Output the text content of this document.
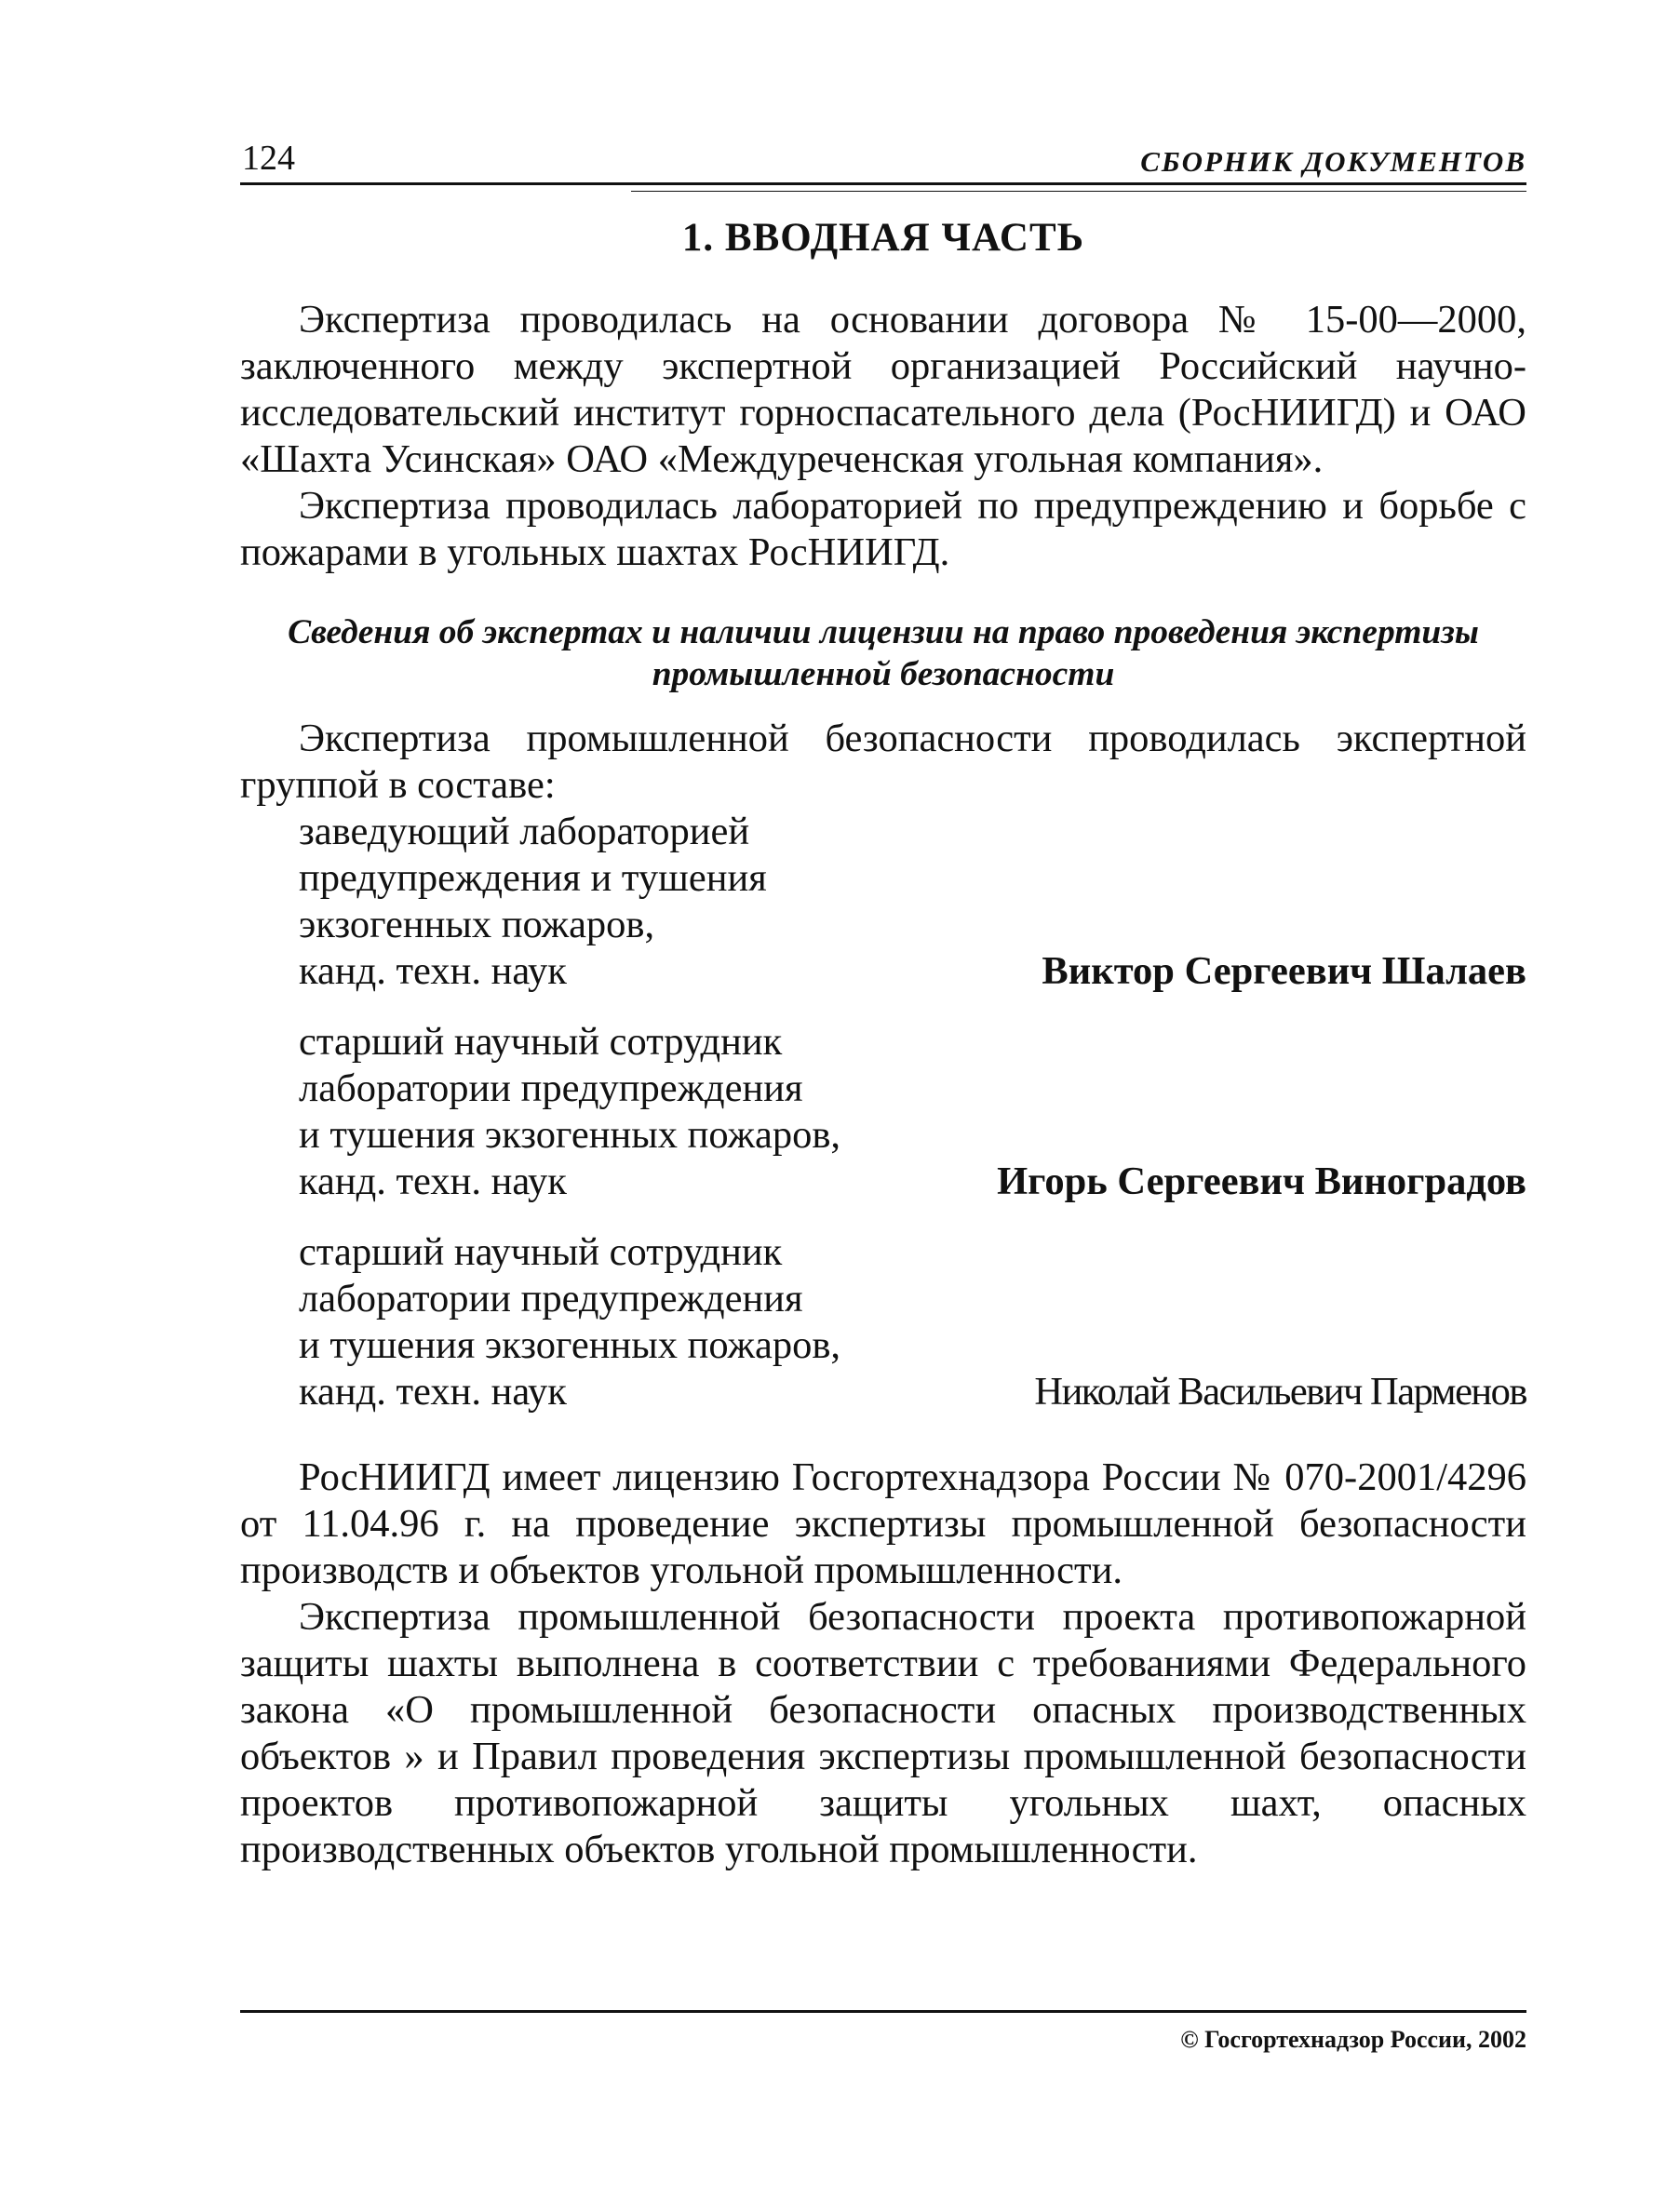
124	СБОРНИК ДОКУМЕНТОВ
1. ВВОДНАЯ ЧАСТЬ

Экспертиза проводилась на основании договора № 15-00—2000, заключенного между экспертной организацией Российский научно-исследовательский институт горноспасательного дела (РосНИИГД) и ОАО «Шахта Усинская» ОАО «Междуреченская угольная компания».

Экспертиза проводилась лабораторией по предупреждению и борьбе с пожарами в угольных шахтах РосНИИГД.

Сведения об экспертах и наличии лицензии на право проведения экспертизы промышленной безопасности

Экспертиза промышленной безопасности проводилась экспертной группой в составе:

заведующий лабораторией
предупреждения и тушения
экзогенных пожаров,
канд. техн. наук	Виктор Сергеевич Шалаев
старший научный сотрудник
лаборатории предупреждения
и тушения экзогенных пожаров,
канд. техн. наук	Игорь Сергеевич Виноградов
старший научный сотрудник
лаборатории предупреждения
и тушения экзогенных пожаров,
канд. техн. наук	Николай Васильевич Парменов

РосНИИГД имеет лицензию Госгортехнадзора России № 070-2001/4296 от 11.04.96 г. на проведение экспертизы промышленной безопасности производств и объектов угольной промышленности.

Экспертиза промышленной безопасности проекта противопожарной защиты шахты выполнена в соответствии с требованиями Федерального закона «О промышленной безопасности опасных производственных объектов » и Правил проведения экспертизы промышленной безопасности проектов противопожарной защиты угольных шахт, опасных производственных объектов угольной промышленности.

© Госгортехнадзор России, 2002
